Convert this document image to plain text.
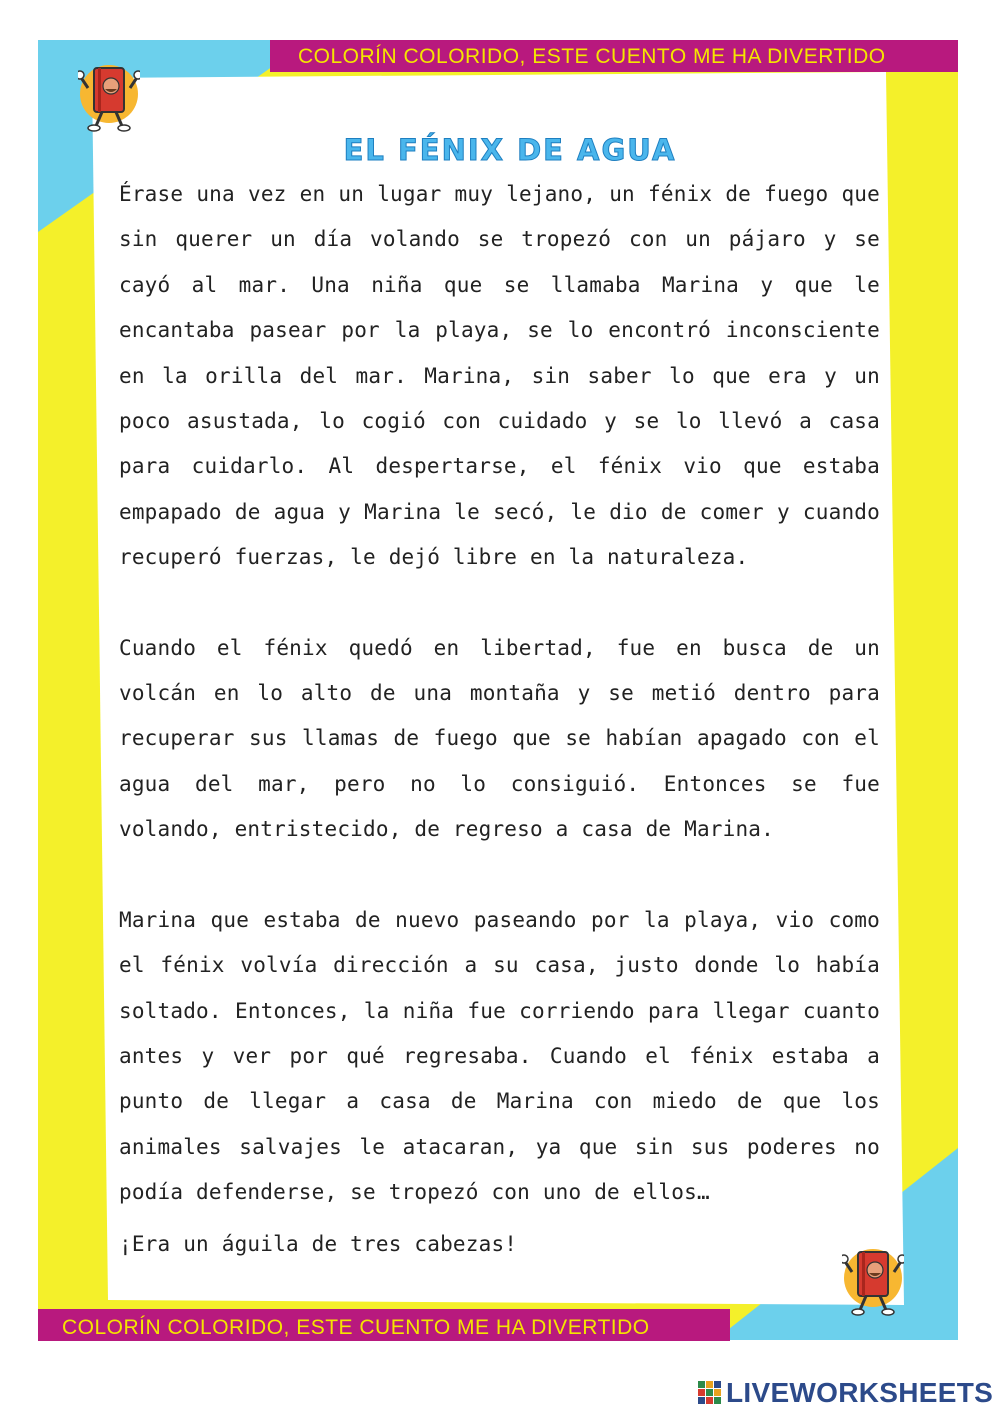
COLORÍN COLORIDO, ESTE CUENTO ME HA DIVERTIDO
COLORÍN COLORIDO, ESTE CUENTO ME HA DIVERTIDO
EL FÉNIX DE AGUA

Érase una vez en un lugar muy lejano, un fénix de fuego que sin querer un día volando se tropezó con un pájaro y se cayó al mar. Una niña que se llamaba Marina y que le encantaba pasear por la playa, se lo encontró inconsciente en la orilla del mar. Marina, sin saber lo que era y un poco asustada, lo cogió con cuidado y se lo llevó a casa para cuidarlo. Al despertarse, el fénix vio que estaba empapado de agua y Marina le secó, le dio de comer y cuando recuperó fuerzas, le dejó libre en la naturaleza.

Cuando el fénix quedó en libertad, fue en busca de un volcán en lo alto de una montaña y se metió dentro para recuperar sus llamas de fuego que se habían apagado con el agua del mar, pero no lo consiguió. Entonces se fue volando, entristecido, de regreso a casa de Marina.

Marina que estaba de nuevo paseando por la playa, vio como el fénix volvía dirección a su casa, justo donde lo había soltado. Entonces, la niña fue corriendo para llegar cuanto antes y ver por qué regresaba. Cuando el fénix estaba a punto de llegar a casa de Marina con miedo de que los animales salvajes le atacaran, ya que sin sus poderes no podía defenderse, se tropezó con uno de ellos…

¡Era un águila de tres cabezas!

LIVEWORKSHEETS
